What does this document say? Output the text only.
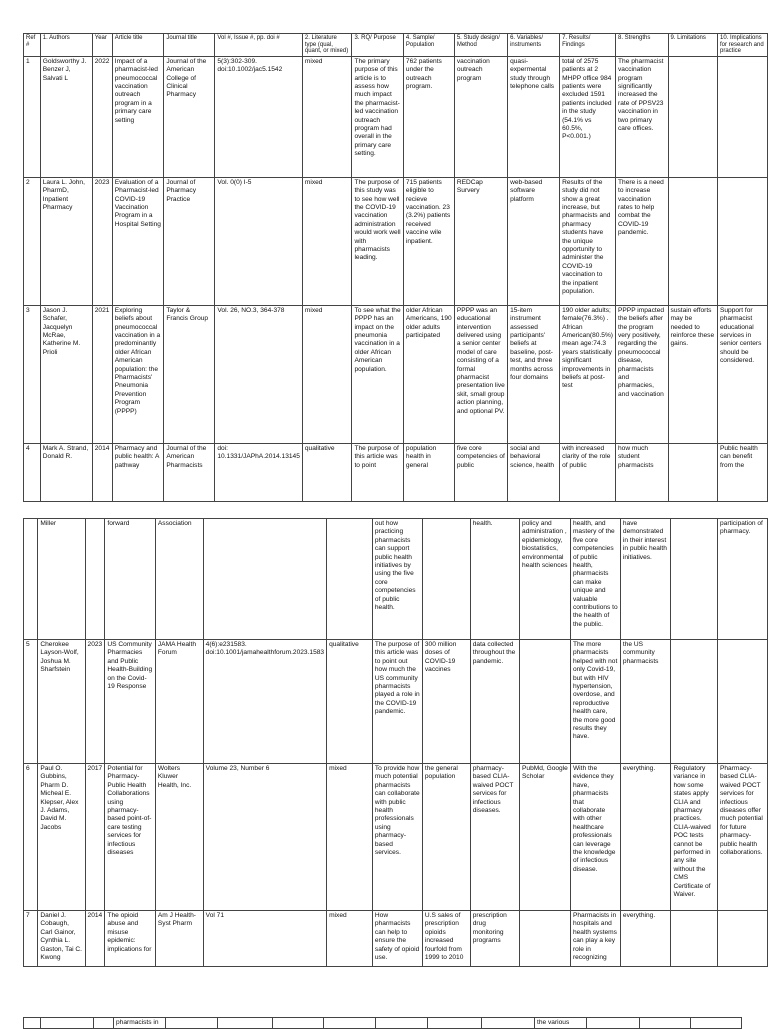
Ref #	1. Authors	Year	Article title	Journal title	Vol #, Issue #, pp. doi #	2. Literature type (qual, quant, or mixed)	3. RQ/ Purpose	4. Sample/ Population	5. Study design/ Method	6. Variables/ instruments	7. Results/ Findings	8. Strengths	9. Limitations	10. Implications for research and practice
1	Goldsworthy J. Benzer J, Salvati L	2022	Impact of a pharmacist-led pneumococcal vaccination outreach program in a primary care setting	Journal of the American College of Clinical Pharmacy	5(3):302-309. doi:10.1002/jac5.1542	mixed	The primary purpose of this article is to assess how much impact the pharmacist-led vaccination outreach program had overall in the primary care setting.	762 patients under the outreach program.	vaccination outreach program	quasi-expermental study through telephone calls	total of 2575 patients at 2 MHPP office 984 patients were excluded 1591 patients included in the study (54.1% vs 60.5%, P<0.001.)	The pharmacist vaccination program significantly increased the rate of PPSV23 vaccination in two primary care offices.		
2	Laura L. John, PharmD, Inpatient Pharmacy	2023	Evaluation of a Pharmacist-led COVID-19 Vaccination Program in a Hospital Setting	Journal of Pharmacy Practice	Vol. 0(0) I-5	mixed	The purpose of this study was to see how well the COVID-19 vaccination administration would work well with pharmacists leading.	715 patients eligible to recieve vaccination. 23 (3.2%) patients received vaccine wile inpatient.	REDCap Survery	web-based software platform	Results of the study did not show a great increase, but pharmacists and pharmacy students have the unique opportunity to administer the COVID-19 vaccination to the inpatient population.	There is a need to increase vaccination rates to help combat the COVID-19 pandemic.		
3	Jason J. Schafer, Jacquelyn McRae, Katherine M. Prioli	2021	Exploring beliefs about pneumococcal vaccination in a predominantly older African American population: the Pharmacists' Pneumonia Prevention Program (PPPP)	Taylor & Francis Group	Vol. 26, NO.3, 364-378	mixed	To see what the PPPP has an impact on the pneumonia vaccination in a older African American population.	older African Americans, 190 older adults participated	PPPP was an educational intervention delivered using a senior center model of care consisting of a formal pharmacist presentation live skit, small group action planning, and optional PV.	15-item instrument assessed participants' beliefs at baseline, post-test, and three months across four domains	190 older adults; female(76.3%) . African American(80.5%) mean age:74.3 years statistically significant improvements in beliefs at post-test	PPPP impacted the beliefs after the program very positively, regarding the pneumococcal disease, pharmacists and pharmacies, and vaccination	sustain efforts may be needed to reinforce these gains.	Support for pharmacist educational services in senior centers should be considered.
4	Mark A. Strand, Donald R.	2014	Pharmacy and public health: A pathway	Journal of the American Pharmacists	doi: 10.1331/JAPhA.2014.13145	qualitative	The purpose of this article was to point	population health in general	five core competencies of public	social and behavioral science, health	with increased clarity of the role of public	how much student pharmacists		Public health can benefit from the
	Miller		forward	Association			out how practicing pharmacists can support public health initiatives by using the five core competencies of public health.		health.	policy and administration , epidemiology, biostatistics, environmental health sciences	health, and mastery of the five core competencies of public health, pharmacists can make unique and valuable contributions to the health of the public.	have demonstrated in their interest in public health initiatives.		participation of pharmacy.
5	Cherokee Layson-Wolf, Joshua M. Sharfstein	2023	US Community Pharmacies and Public Health-Building on the Covid-19 Response	JAMA Health Forum	4(6):e231583. doi:10.1001/jamahealthforum.2023.1583	qualitative	The purpose of this article was to point out how much the US community pharmacists played a role in the COVID-19 pandemic.	300 million doses of COVID-19 vaccines	data collected throughout the pandemic.		The more pharmacists helped with not only Covid-19, but with HIV hypertension, overdose, and reproductive health care, the more good results they have.	the US community pharmacists		
6	Paul O. Gubbins, Pharm D. Micheal E. Klepser, Alex J. Adams, David M. Jacobs	2017	Potential for Pharmacy-Public Health Collaborations using pharmacy-based point-of-care testing services for infectious diseases	Wolters Kluwer Health, Inc.	Volume 23, Number 6	mixed	To provide how much potential pharmacists can collaborate with public health professionals using pharmacy-based services.	the general population	pharmacy-based CLIA-waived POCT services for infectious diseases.	PubMd, Google Scholar	With the evidence they have, pharmacists that collaborate with other healthcare professionals can leverage the knowledge of infectious disease.	everything.	Regulatory variance in how some states apply CLIA and pharmacy practices. CLIA-waived POC tests cannot be performed in any site without the CMS Certificate of Waiver.	Pharmacy-based CLIA-waived POCT services for infectious diseases offer much potential for future pharmacy-public health collaborations.
7	Daniel J. Cobaugh, Carl Gainor, Cynthia L. Gaston, Tai C. Kwong	2014	The opioid abuse and misuse epidemic: implications for	Am J Health-Syst Pharm	Vol 71	mixed	How pharmacists can help to ensure the safety of opioid use.	U.S sales of prescription opioids increased fourfold from 1999 to 2010	prescription drug monitoring programs		Pharmacists in hospitals and health systems can play a key role in recognizing	everything.		
			pharmacists in								the various			
